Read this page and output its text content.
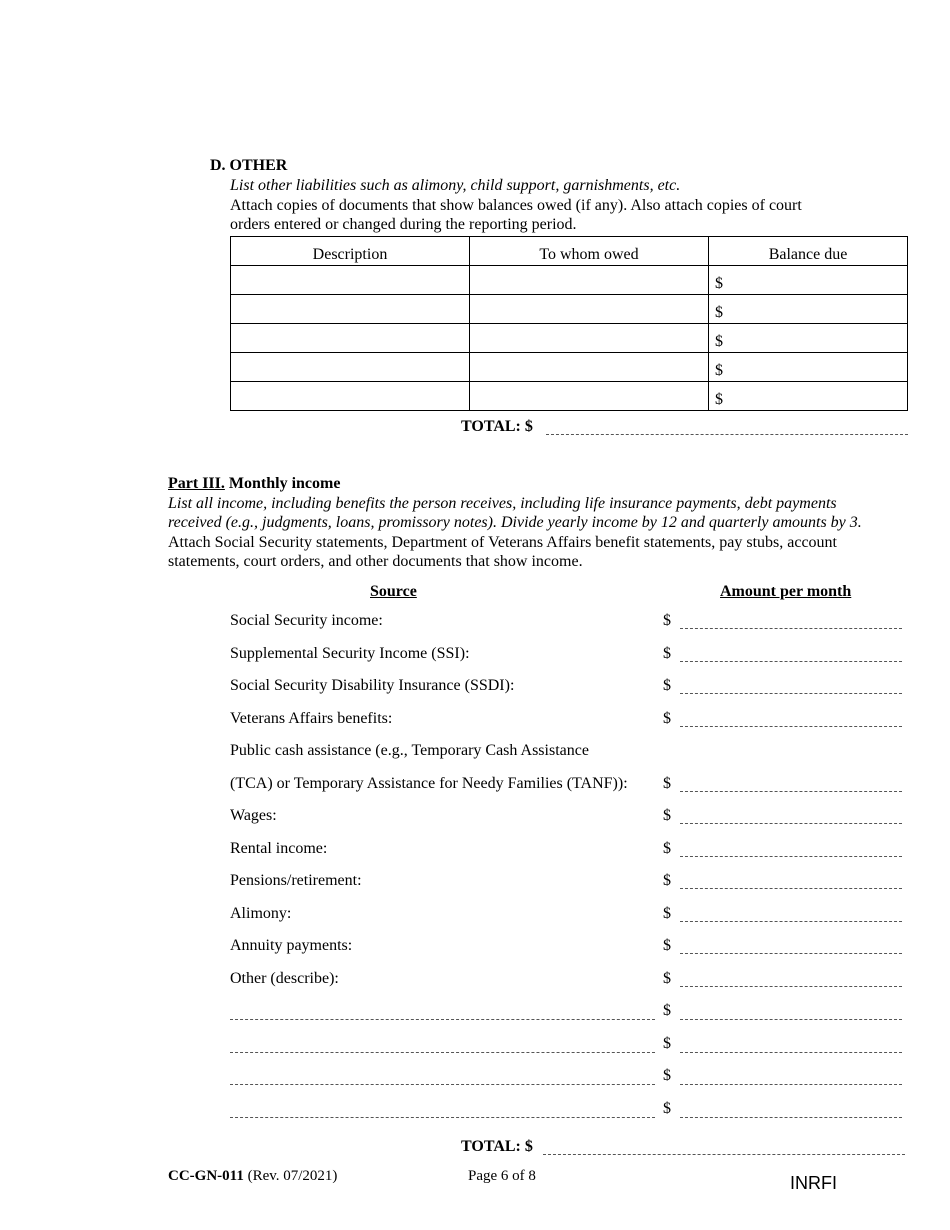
D. OTHER
List other liabilities such as alimony, child support, garnishments, etc.
Attach copies of documents that show balances owed (if any). Also attach copies of court
orders entered or changed during the reporting period.
Description	To whom owed	Balance due
		$
		$
		$
		$
		$
TOTAL: $
Part III. Monthly income
List all income, including benefits the person receives, including life insurance payments, debt payments
received (e.g., judgments, loans, promissory notes). Divide yearly income by 12 and quarterly amounts by 3.
Attach Social Security statements, Department of Veterans Affairs benefit statements, pay stubs, account
statements, court orders, and other documents that show income.
Source	Amount per month
Social Security income:	$
Supplemental Security Income (SSI):	$
Social Security Disability Insurance (SSDI):	$
Veterans Affairs benefits:	$
Public cash assistance (e.g., Temporary Cash Assistance
(TCA) or Temporary Assistance for Needy Families (TANF)): $
Wages:	$
Rental income:	$
Pensions/retirement:	$
Alimony:	$
Annuity payments:	$
Other (describe):	$
$
$
$
$
TOTAL: $
CC-GN-011 (Rev. 07/2021)	Page 6 of 8	INRFI
